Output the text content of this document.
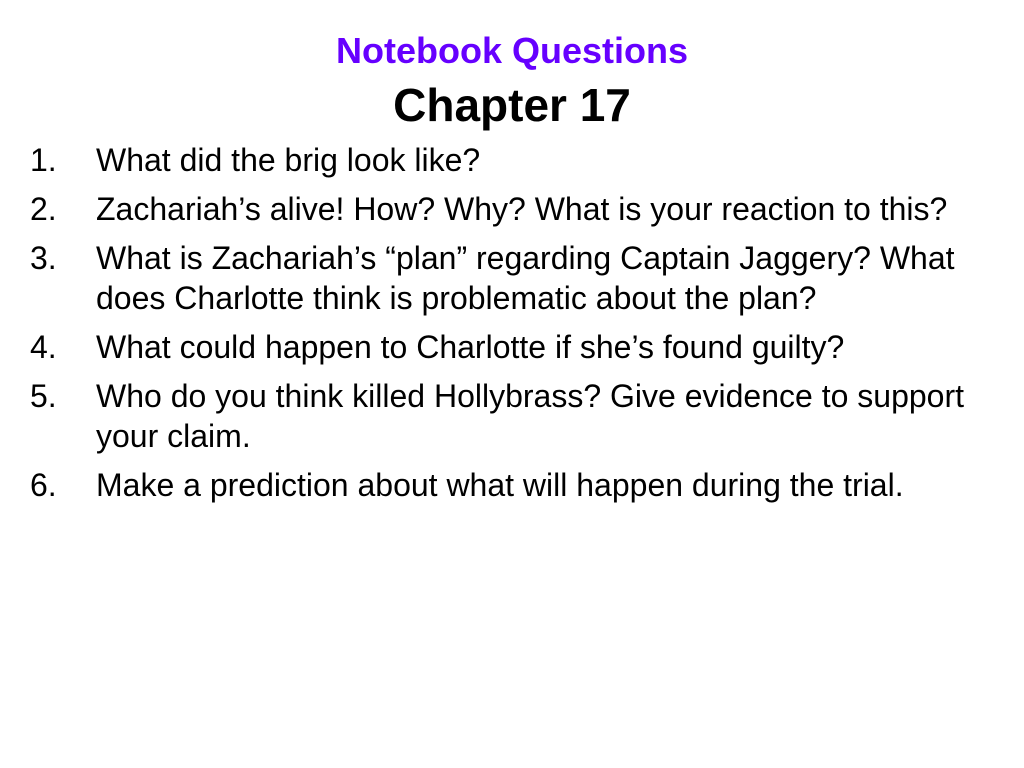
Notebook Questions
Chapter 17
1.	What did the brig look like?
2.	Zachariah’s alive! How? Why? What is your reaction to this?
3.	What is Zachariah’s “plan” regarding Captain Jaggery? What does Charlotte think is problematic about the plan?
4.	What could happen to Charlotte if she’s found guilty?
5.	Who do you think killed Hollybrass? Give evidence to support your claim.
6.	Make a prediction about what will happen during the trial.
